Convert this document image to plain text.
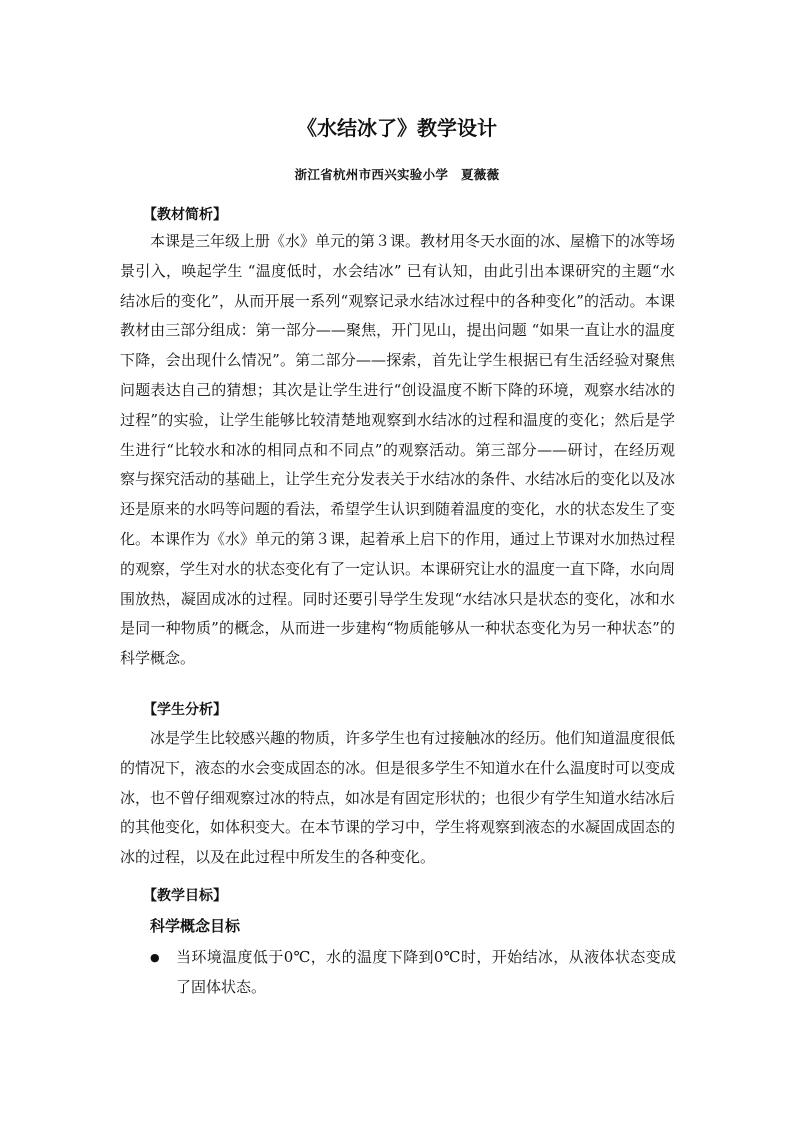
《水结冰了》教学设计
浙江省杭州市西兴实验小学　夏薇薇
【教材简析】

本课是三年级上册《水》单元的第３课。教材用冬天水面的冰、屋檐下的冰等场景引入，唤起学生 “温度低时，水会结冰” 已有认知，由此引出本课研究的主题“水结冰后的变化”，从而开展一系列“观察记录水结冰过程中的各种变化”的活动。本课教材由三部分组成：第一部分——聚焦，开门见山，提出问题 “如果一直让水的温度下降，会出现什么情况”。第二部分——探索，首先让学生根据已有生活经验对聚焦问题表达自己的猜想；其次是让学生进行“创设温度不断下降的环境，观察水结冰的过程”的实验，让学生能够比较清楚地观察到水结冰的过程和温度的变化；然后是学生进行“比较水和冰的相同点和不同点”的观察活动。第三部分——研讨，在经历观察与探究活动的基础上，让学生充分发表关于水结冰的条件、水结冰后的变化以及冰还是原来的水吗等问题的看法，希望学生认识到随着温度的变化，水的状态发生了变化。本课作为《水》单元的第３课，起着承上启下的作用，通过上节课对水加热过程的观察，学生对水的状态变化有了一定认识。本课研究让水的温度一直下降，水向周围放热，凝固成冰的过程。同时还要引导学生发现“水结冰只是状态的变化，冰和水是同一种物质”的概念，从而进一步建构“物质能够从一种状态变化为另一种状态”的科学概念。

【学生分析】

冰是学生比较感兴趣的物质，许多学生也有过接触冰的经历。他们知道温度很低的情况下，液态的水会变成固态的冰。但是很多学生不知道水在什么温度时可以变成冰，也不曾仔细观察过冰的特点，如冰是有固定形状的；也很少有学生知道水结冰后的其他变化，如体积变大。在本节课的学习中，学生将观察到液态的水凝固成固态的冰的过程，以及在此过程中所发生的各种变化。

【教学目标】
科学概念目标
● 当环境温度低于0℃，水的温度下降到0℃时，开始结冰，从液体状态变成了固体状态。
